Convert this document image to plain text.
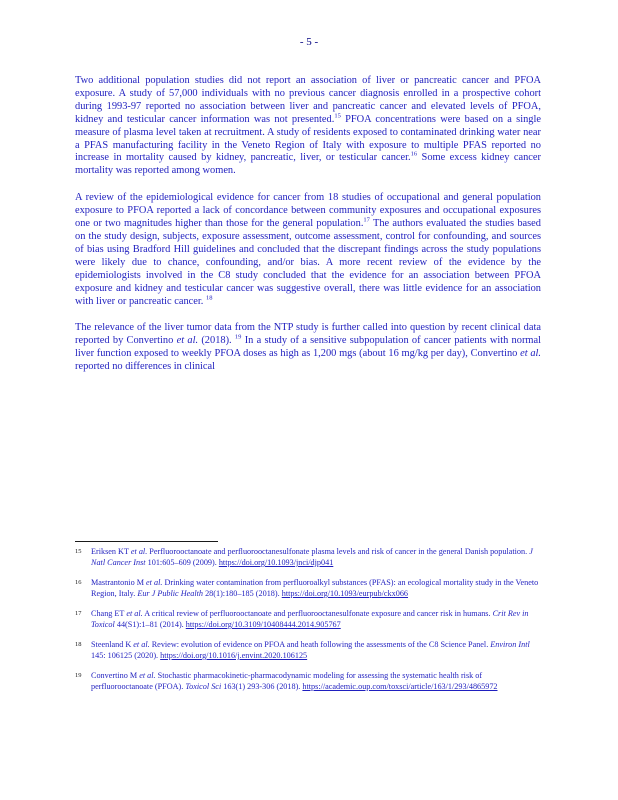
- 5 -

Two additional population studies did not report an association of liver or pancreatic cancer and PFOA exposure. A study of 57,000 individuals with no previous cancer diagnosis enrolled in a prospective cohort during 1993-97 reported no association between liver and pancreatic cancer and elevated levels of PFOA, kidney and testicular cancer information was not presented.$^{15}$ PFOA concentrations were based on a single measure of plasma level taken at recruitment. A study of residents exposed to contaminated drinking water near a PFAS manufacturing facility in the Veneto Region of Italy with exposure to multiple PFAS reported no increase in mortality caused by kidney, pancreatic, liver, or testicular cancer.$^{16}$ Some excess kidney cancer mortality was reported among women.

A review of the epidemiological evidence for cancer from 18 studies of occupational and general population exposure to PFOA reported a lack of concordance between community exposures and occupational exposures one or two magnitudes higher than those for the general population.$^{17}$ The authors evaluated the studies based on the study design, subjects, exposure assessment, outcome assessment, control for confounding, and sources of bias using Bradford Hill guidelines and concluded that the discrepant findings across the study populations were likely due to chance, confounding, and/or bias. A more recent review of the evidence by the epidemiologists involved in the C8 study concluded that the evidence for an association between PFOA exposure and kidney and testicular cancer was suggestive overall, there was little evidence for an association with liver or pancreatic cancer. $^{18}$

The relevance of the liver tumor data from the NTP study is further called into question by recent clinical data reported by Convertino et al. (2018). $^{19}$ In a study of a sensitive subpopulation of cancer patients with normal liver function exposed to weekly PFOA doses as high as 1,200 mgs (about 16 mg/kg per day), Convertino et al. reported no differences in clinical

15 Eriksen KT et al. Perfluorooctanoate and perfluorooctanesulfonate plasma levels and risk of cancer in the general Danish population. J Natl Cancer Inst 101:605–609 (2009). https://doi.org/10.1093/jnci/djp041
16 Mastrantonio M et al. Drinking water contamination from perfluoroalkyl substances (PFAS): an ecological mortality study in the Veneto Region, Italy. Eur J Public Health 28(1):180–185 (2018). https://doi.org/10.1093/eurpub/ckx066
17 Chang ET et al. A critical review of perfluorooctanoate and perfluorooctanesulfonate exposure and cancer risk in humans. Crit Rev in Toxicol 44(S1):1–81 (2014). https://doi.org/10.3109/10408444.2014.905767
18 Steenland K et al. Review: evolution of evidence on PFOA and heath following the assessments of the C8 Science Panel. Environ Intl 145: 106125 (2020). https://doi.org/10.1016/j.envint.2020.106125
19 Convertino M et al. Stochastic pharmacokinetic-pharmacodynamic modeling for assessing the systematic health risk of perfluorooctanoate (PFOA). Toxicol Sci 163(1) 293-306 (2018). https://academic.oup.com/toxsci/article/163/1/293/4865972
